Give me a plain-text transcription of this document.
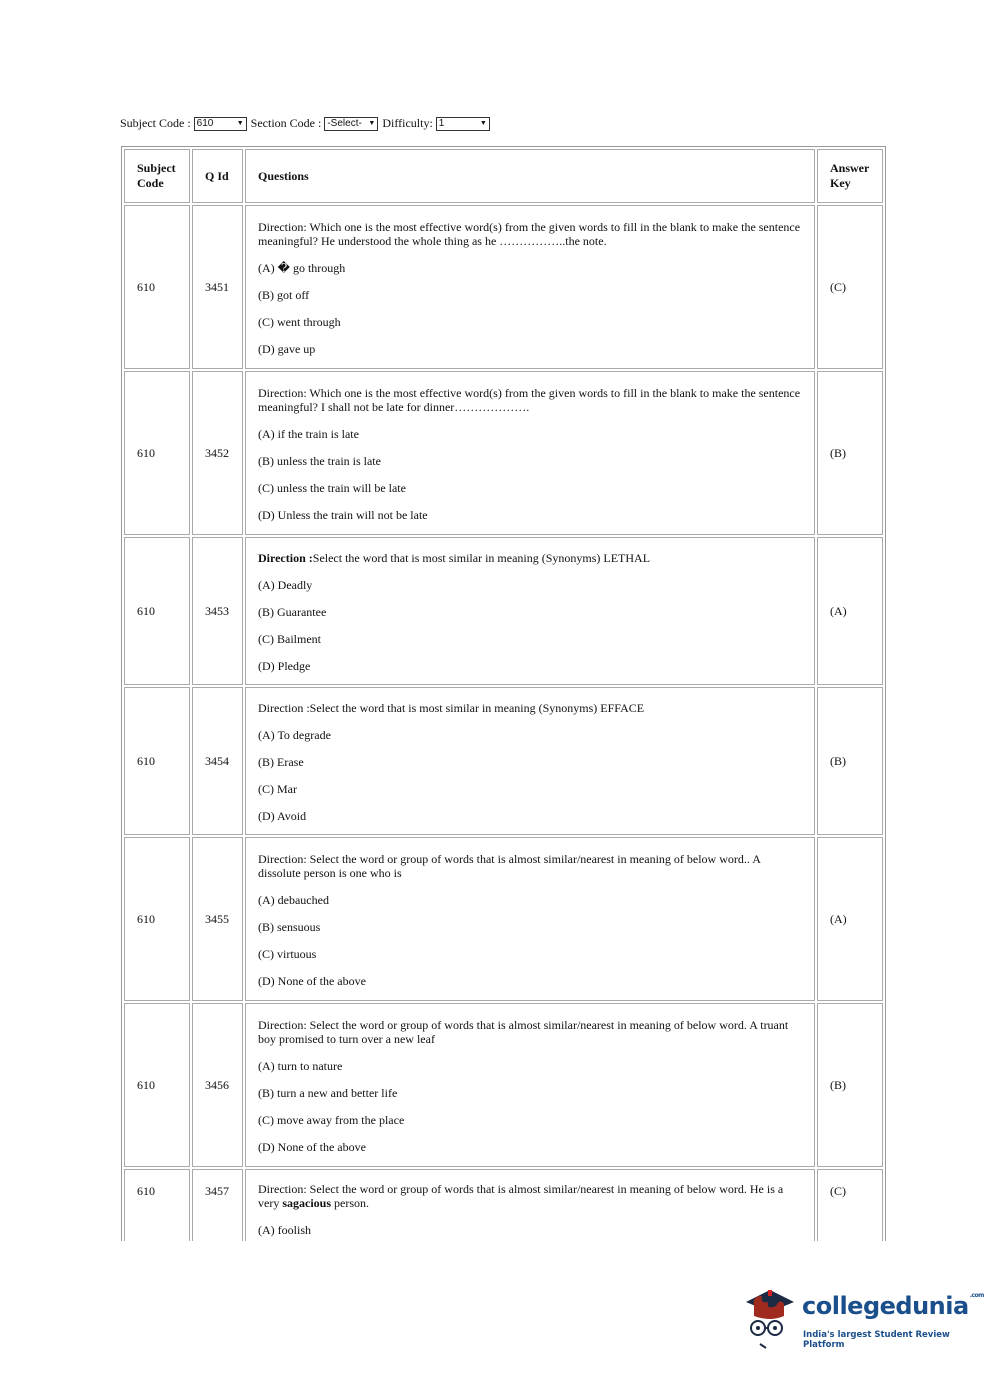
Subject Code : 610	▼ Section Code : -Select- ▼ Difficulty: 1	▼
Subject Code	Q Id	Questions	Answer Key
610	3451	Direction: Which one is the most effective word(s) from the given words to fill in the blank to make the sentence meaningful? He understood the whole thing as he ……………..the note.

(A) � go through

(B) got off

(C) went through

(D) gave up	(C)
610	3452	Direction: Which one is the most effective word(s) from the given words to fill in the blank to make the sentence meaningful? I shall not be late for dinner……………….

(A) if the train is late

(B) unless the train is late

(C) unless the train will be late

(D) Unless the train will not be late	(B)
610	3453	Direction :Select the word that is most similar in meaning (Synonyms) LETHAL

(A) Deadly

(B) Guarantee

(C) Bailment

(D) Pledge	(A)
610	3454	Direction :Select the word that is most similar in meaning (Synonyms) EFFACE

(A) To degrade

(B) Erase

(C) Mar

(D) Avoid	(B)
610	3455	Direction: Select the word or group of words that is almost similar/nearest in meaning of below word.. A dissolute person is one who is

(A) debauched

(B) sensuous

(C) virtuous

(D) None of the above	(A)
610	3456	Direction: Select the word or group of words that is almost similar/nearest in meaning of below word. A truant boy promised to turn over a new leaf

(A) turn to nature

(B) turn a new and better life

(C) move away from the place

(D) None of the above	(B)
610	3457	Direction: Select the word or group of words that is almost similar/nearest in meaning of below word. He is a very sagacious person.

(A) foolish	(C)
collegedunia$^{.com}$
India's largest Student Review Platform
